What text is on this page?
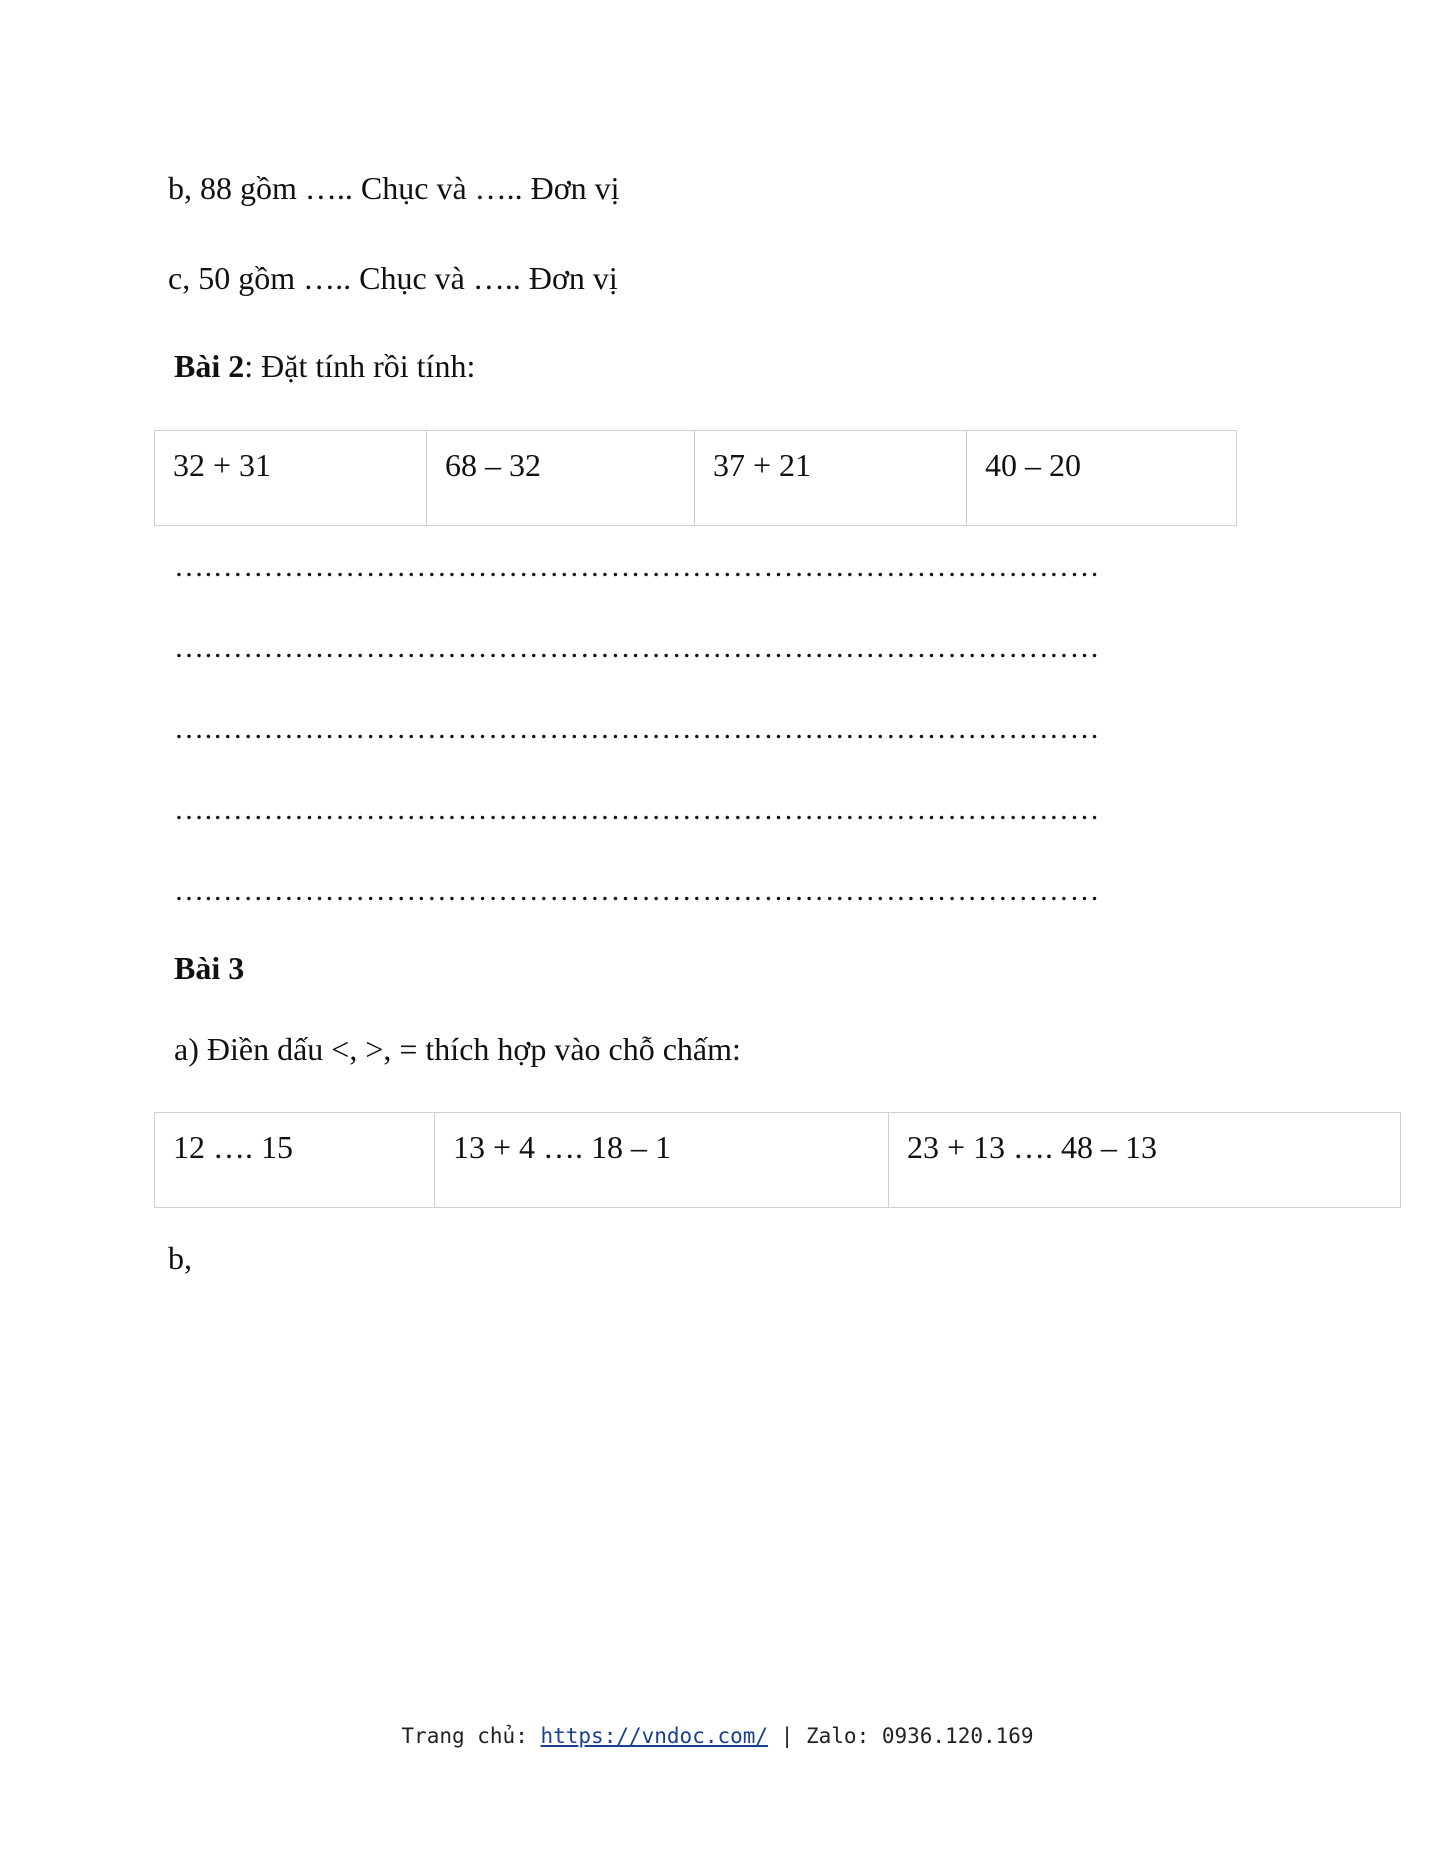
b, 88 gồm ….. Chục và ….. Đơn vị
c, 50 gồm ….. Chục và ….. Đơn vị
Bài 2: Đặt tính rồi tính:
32 + 31	68 – 32	37 + 21	40 – 20
….……………………………………………………………………………
….……………………………………………………………………………
….……………………………………………………………………………
….……………………………………………………………………………
….……………………………………………………………………………
Bài 3
a) Điền dấu <, >, = thích hợp vào chỗ chấm:
12 …. 15	13 + 4 …. 18 – 1	23 + 13 …. 48 – 13
b,
Trang chủ: https://vndoc.com/ | Zalo: 0936.120.169
